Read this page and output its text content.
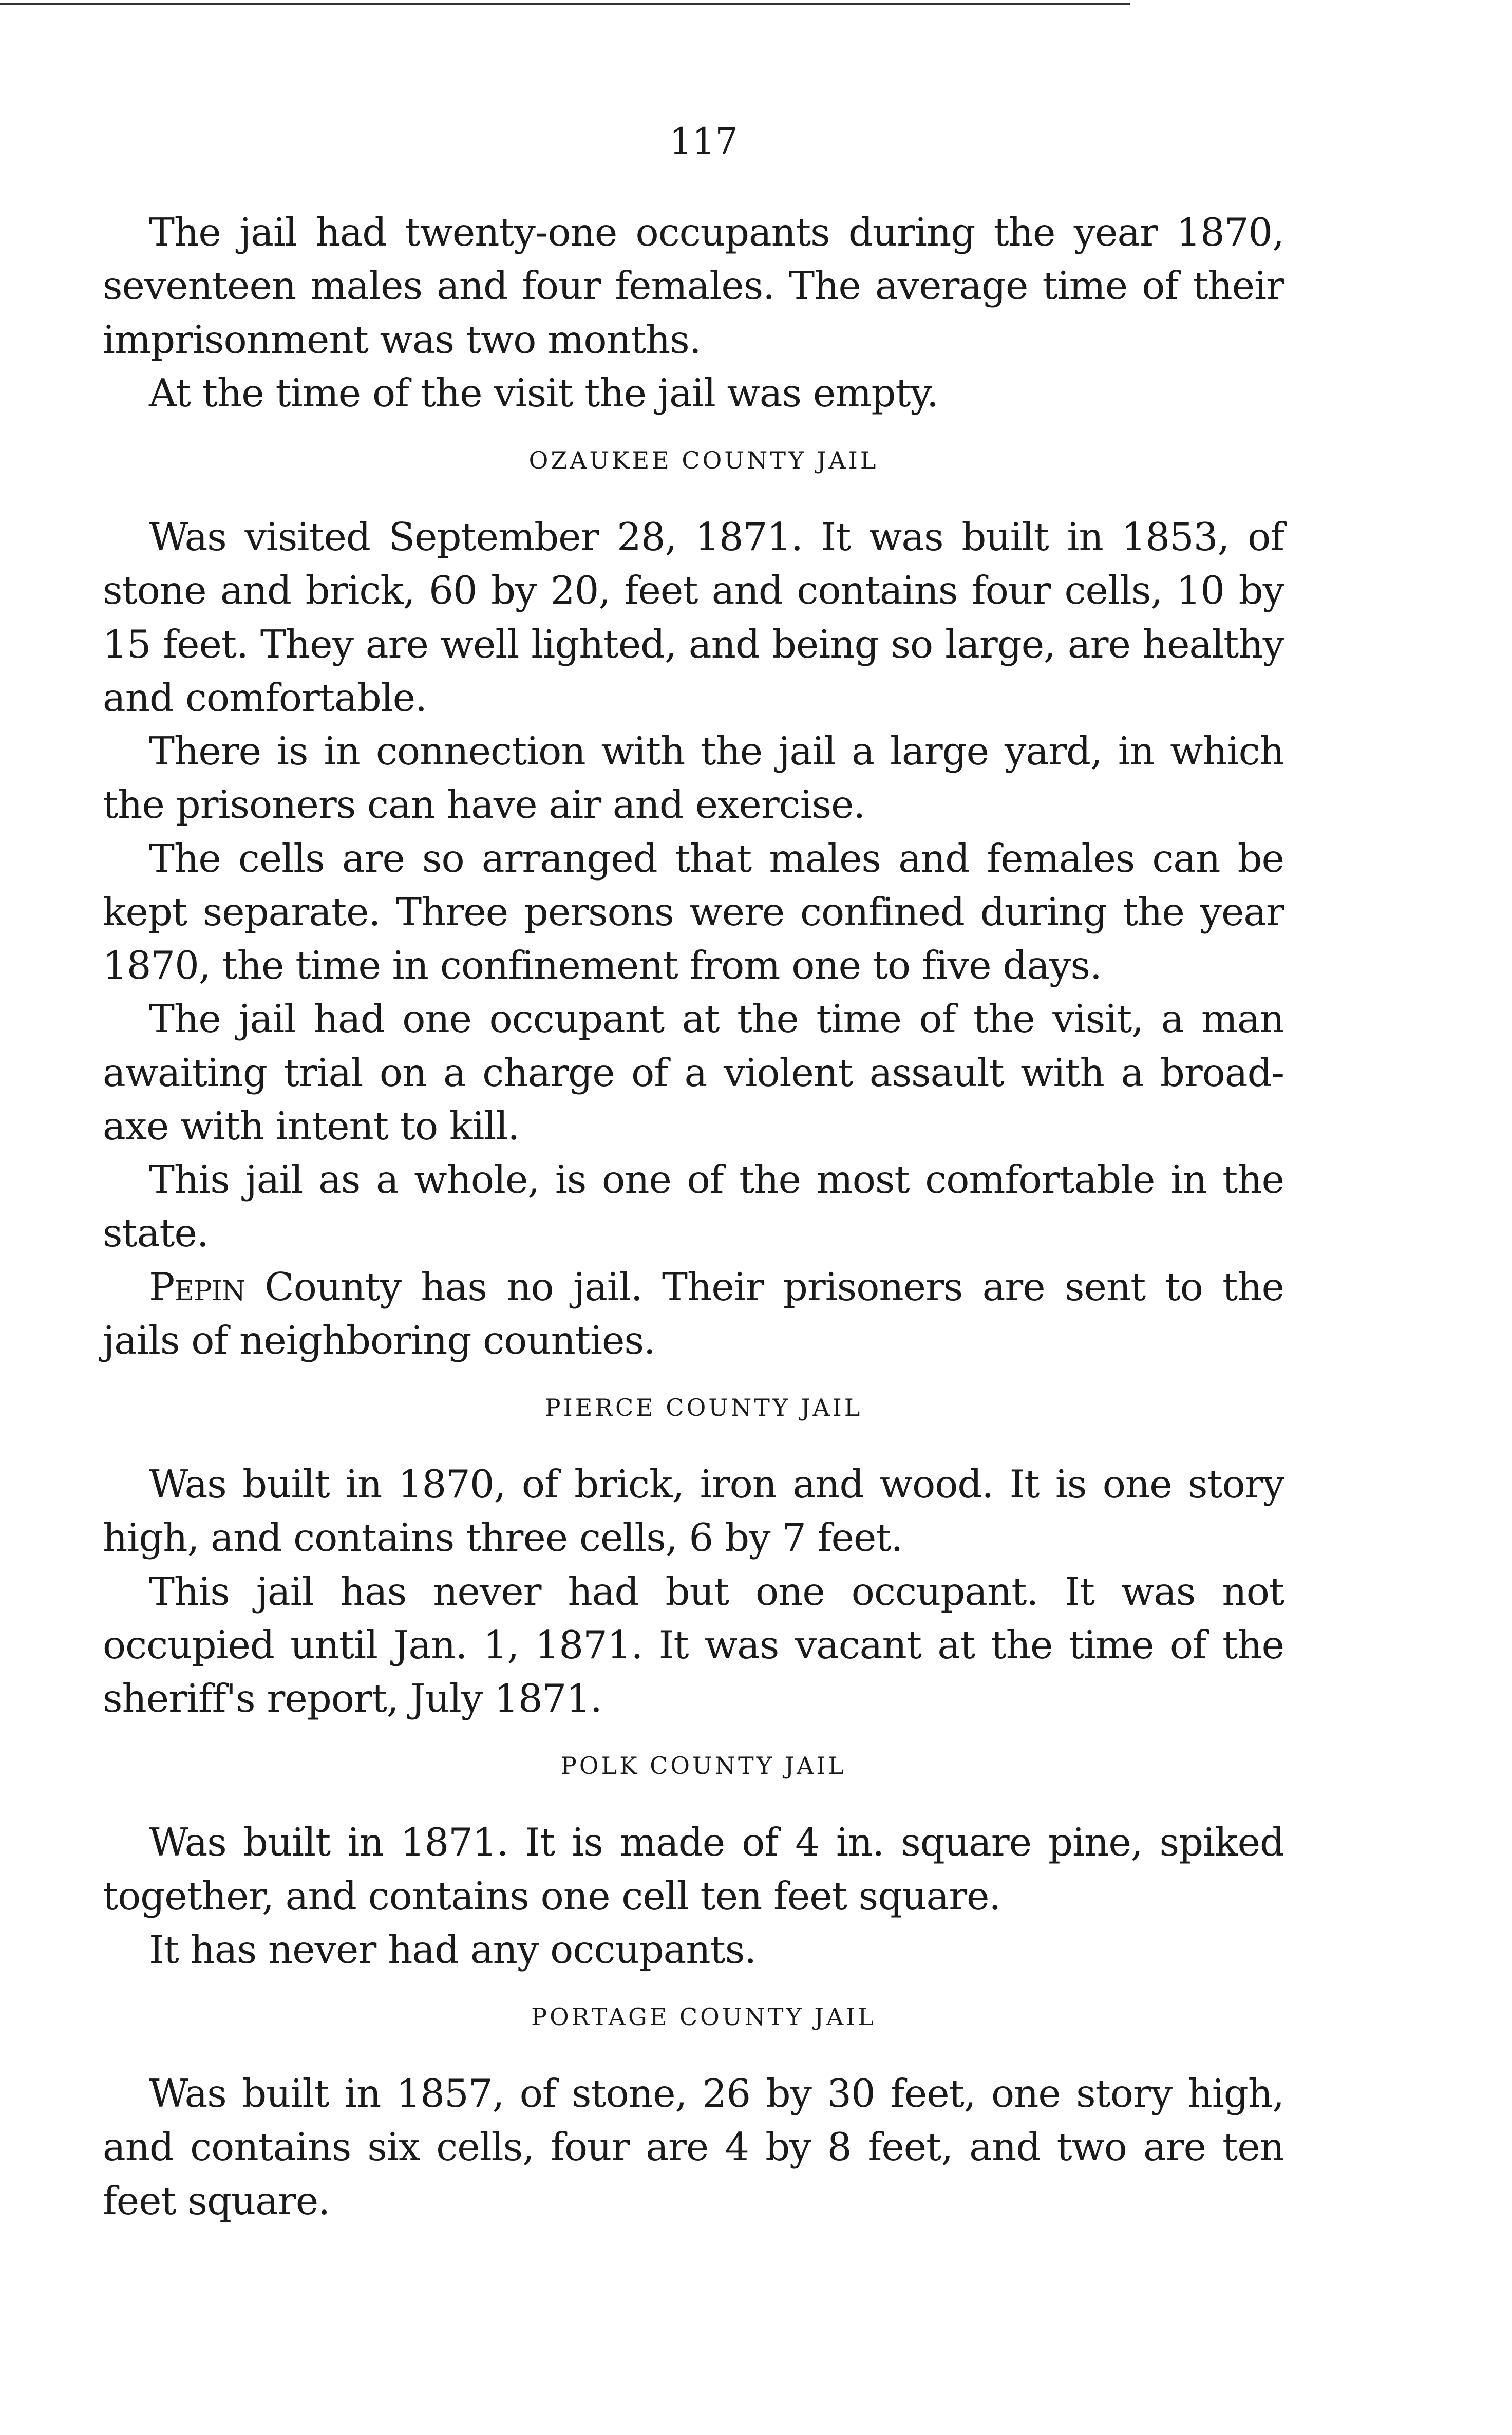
117

The jail had twenty-one occupants during the year 1870, seventeen males and four females. The average time of their imprisonment was two months.

At the time of the visit the jail was empty.

OZAUKEE COUNTY JAIL

Was visited September 28, 1871. It was built in 1853, of stone and brick, 60 by 20, feet and contains four cells, 10 by 15 feet. They are well lighted, and being so large, are healthy and comfortable.

There is in connection with the jail a large yard, in which the prisoners can have air and exercise.

The cells are so arranged that males and females can be kept separate. Three persons were confined during the year 1870, the time in confinement from one to five days.

The jail had one occupant at the time of the visit, a man awaiting trial on a charge of a violent assault with a broad-axe with intent to kill.

This jail as a whole, is one of the most comfortable in the state.

Pepin County has no jail. Their prisoners are sent to the jails of neighboring counties.

PIERCE COUNTY JAIL

Was built in 1870, of brick, iron and wood. It is one story high, and contains three cells, 6 by 7 feet.

This jail has never had but one occupant. It was not occupied until Jan. 1, 1871. It was vacant at the time of the sheriff's report, July 1871.

POLK COUNTY JAIL

Was built in 1871. It is made of 4 in. square pine, spiked together, and contains one cell ten feet square.

It has never had any occupants.

PORTAGE COUNTY JAIL

Was built in 1857, of stone, 26 by 30 feet, one story high, and contains six cells, four are 4 by 8 feet, and two are ten feet square.
